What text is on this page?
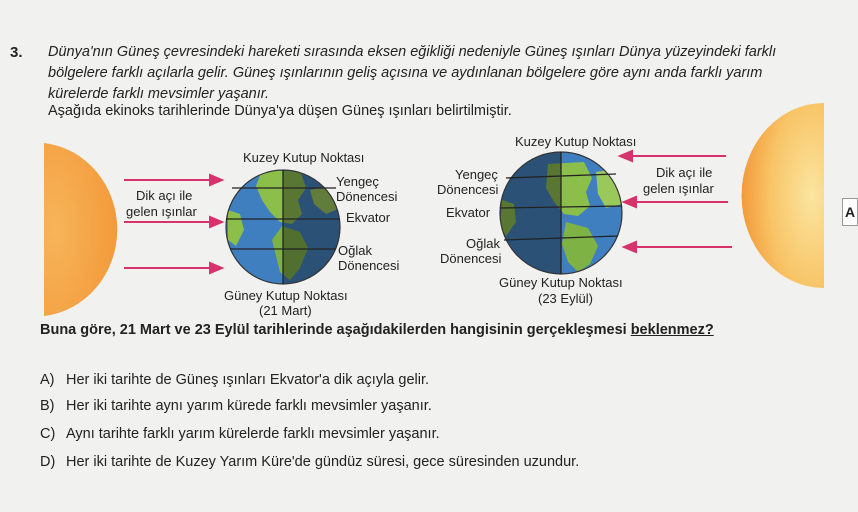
3. Dünya'nın Güneş çevresindeki hareketi sırasında eksen eğikliği nedeniyle Güneş ışınları Dünya yüzeyindeki farklı
bölgelere farklı açılarla gelir. Güneş ışınlarının geliş açısına ve aydınlanan bölgelere göre aynı anda farklı yarım
kürelerde farklı mevsimler yaşanır.
Aşağıda ekinoks tarihlerinde Dünya'ya düşen Güneş ışınları belirtilmiştir.
Kuzey Kutup Noktası
Yengeç
Dönencesi
Ekvator
Oğlak
Dönencesi
Güney Kutup Noktası
(21 Mart)
Dik açı ile
gelen ışınlar
Kuzey Kutup Noktası
Yengeç
Dönencesi
Ekvator
Oğlak
Dönencesi
Güney Kutup Noktası
(23 Eylül)
Dik açı ile
gelen ışınlar
Buna göre, 21 Mart ve 23 Eylül tarihlerinde aşağıdakilerden hangisinin gerçekleşmesi beklenmez?
A) Her iki tarihte de Güneş ışınları Ekvator'a dik açıyla gelir.
B) Her iki tarihte aynı yarım kürede farklı mevsimler yaşanır.
C) Aynı tarihte farklı yarım kürelerde farklı mevsimler yaşanır.
D) Her iki tarihte de Kuzey Yarım Küre'de gündüz süresi, gece süresinden uzundur.
A
